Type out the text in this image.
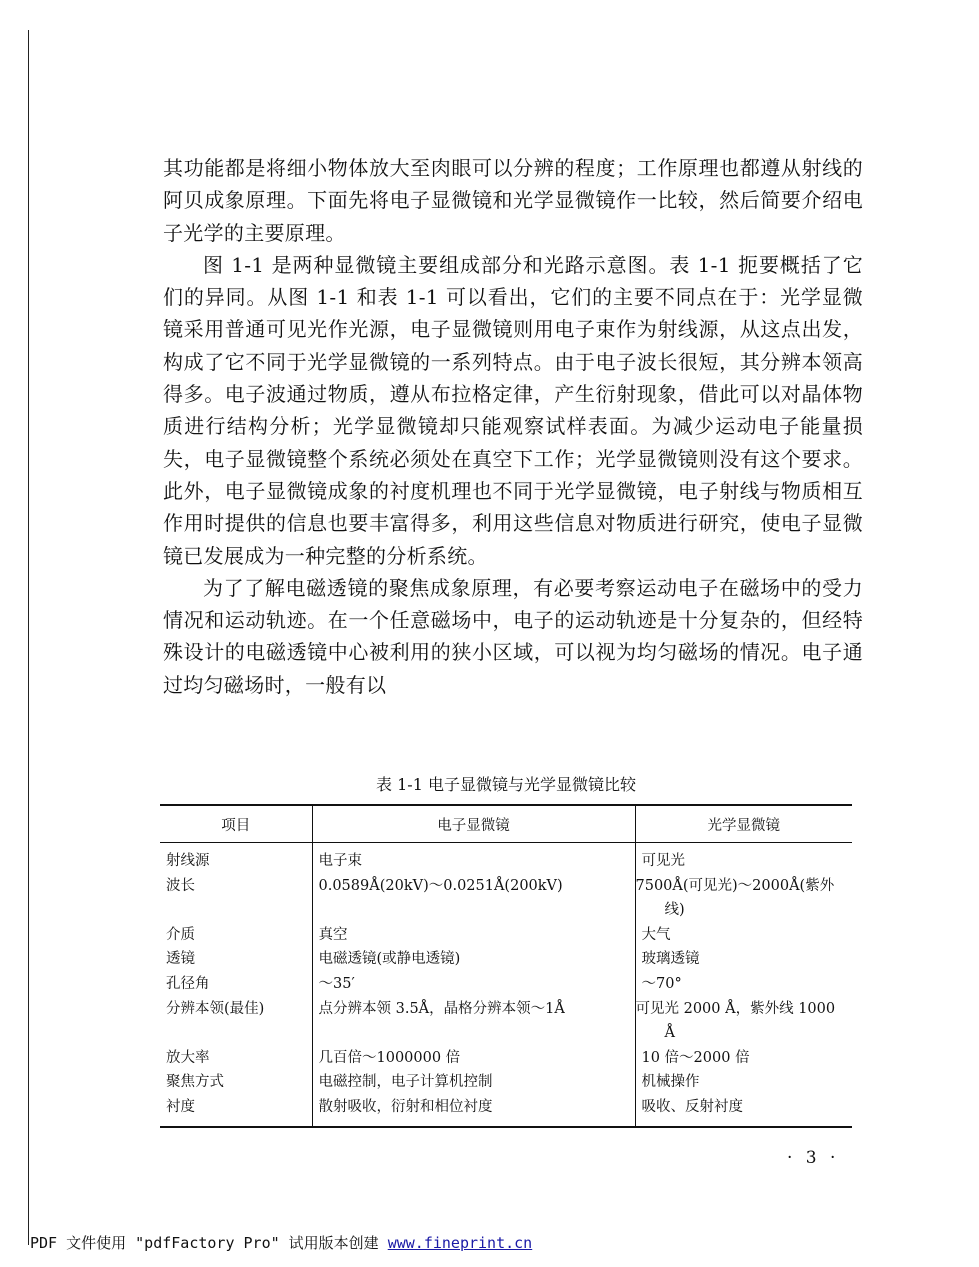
其功能都是将细小物体放大至肉眼可以分辨的程度；工作原理也都遵从射线的阿贝成象原理。下面先将电子显微镜和光学显微镜作一比较，然后简要介绍电子光学的主要原理。

图 1-1 是两种显微镜主要组成部分和光路示意图。表 1-1 扼要概括了它们的异同。从图 1-1 和表 1-1 可以看出，它们的主要不同点在于：光学显微镜采用普通可见光作光源，电子显微镜则用电子束作为射线源，从这点出发，构成了它不同于光学显微镜的一系列特点。由于电子波长很短，其分辨本领高得多。电子波通过物质，遵从布拉格定律，产生衍射现象，借此可以对晶体物质进行结构分析；光学显微镜却只能观察试样表面。为减少运动电子能量损失，电子显微镜整个系统必须处在真空下工作；光学显微镜则没有这个要求。此外，电子显微镜成象的衬度机理也不同于光学显微镜，电子射线与物质相互作用时提供的信息也要丰富得多，利用这些信息对物质进行研究，使电子显微镜已发展成为一种完整的分析系统。

为了了解电磁透镜的聚焦成象原理，有必要考察运动电子在磁场中的受力情况和运动轨迹。在一个任意磁场中，电子的运动轨迹是十分复杂的，但经特殊设计的电磁透镜中心被利用的狭小区域，可以视为均匀磁场的情况。电子通过均匀磁场时，一般有以

表 1-1 电子显微镜与光学显微镜比较
项目	电子显微镜	光学显微镜
射线源	电子束	可见光
波长	0.0589Å(20kV)～0.0251Å(200kV)	7500Å(可见光)～2000Å(紫外线)
介质	真空	大气
透镜	电磁透镜(或静电透镜)	玻璃透镜
孔径角	～35′	～70°
分辨本领(最佳)	点分辨本领 3.5Å，晶格分辨本领～1Å	可见光 2000 Å，紫外线 1000 Å
放大率	几百倍～1000000 倍	10 倍～2000 倍
聚焦方式	电磁控制，电子计算机控制	机械操作
衬度	散射吸收，衍射和相位衬度	吸收、反射衬度
· 3 ·
PDF 文件使用 "pdfFactory Pro" 试用版本创建 www.fineprint.cn
